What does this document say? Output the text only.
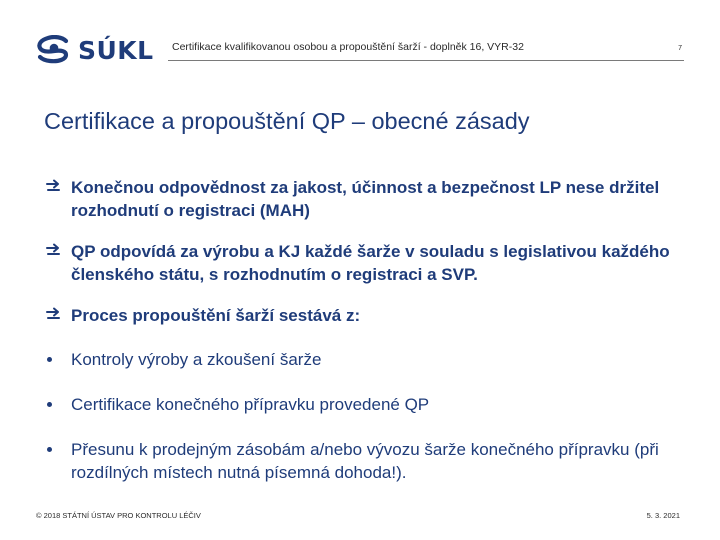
SÚKL Certifikace kvalifikovanou osobou a propouštění šarží - doplněk 16, VYR-32	7
Certifikace a propouštění QP – obecné zásady
Konečnou odpovědnost za jakost, účinnost a bezpečnost LP nese držitel rozhodnutí o registraci (MAH)
QP odpovídá za výrobu a KJ každé šarže v souladu s legislativou každého členského státu, s rozhodnutím o registraci a SVP.
Proces propouštění šarží sestává z:
Kontroly výroby a zkoušení šarže
Certifikace konečného přípravku provedené QP
Přesunu k prodejným zásobám a/nebo vývozu šarže konečného přípravku (při rozdílných místech nutná písemná dohoda!).
© 2018 STÁTNÍ ÚSTAV PRO KONTROLU LÉČIV	5. 3. 2021
